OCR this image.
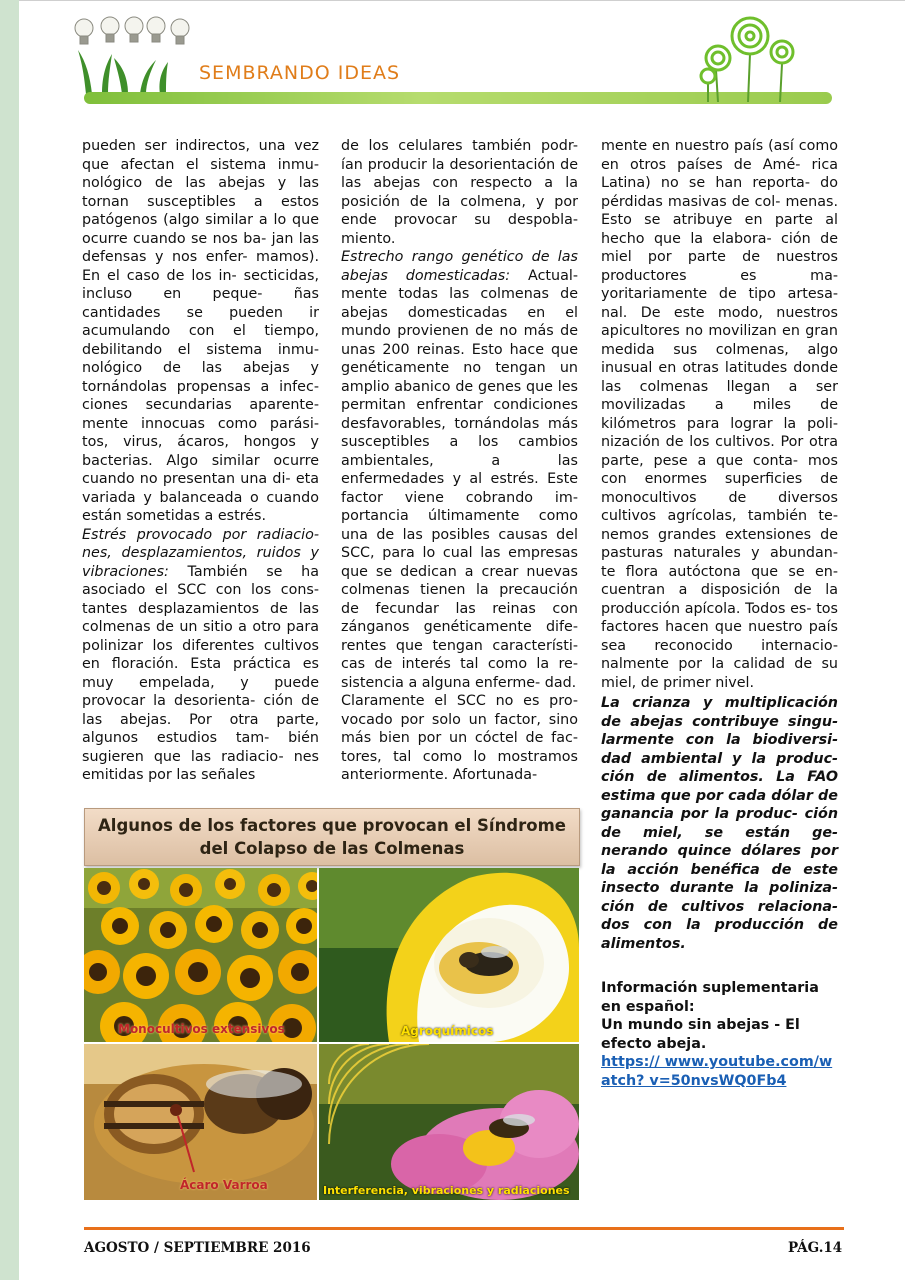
SEMBRANDO IDEAS

pueden ser indirectos, una vez que afectan el sistema inmu- nológico de las abejas y las tornan susceptibles a estos patógenos (algo similar a lo que ocurre cuando se nos ba- jan las defensas y nos enfer- mamos). En el caso de los in- secticidas, incluso en peque- ñas cantidades se pueden ir acumulando con el tiempo, debilitando el sistema inmu- nológico de las abejas y tornándolas propensas a infec- ciones secundarias aparente- mente innocuas como parási- tos, virus, ácaros, hongos y bacterias. Algo similar ocurre cuando no presentan una di- eta variada y balanceada o cuando están sometidas a estrés.

Estrés provocado por radiacio- nes, desplazamientos, ruidos y vibraciones: También se ha asociado el SCC con los cons- tantes desplazamientos de las colmenas de un sitio a otro para polinizar los diferentes cultivos en floración. Esta práctica es muy empelada, y puede provocar la desorienta- ción de las abejas. Por otra parte, algunos estudios tam- bién sugieren que las radiacio- nes emitidas por las señales

de los celulares también podr- ían producir la desorientación de las abejas con respecto a la posición de la colmena, y por ende provocar su despobla- miento.

Estrecho rango genético de las abejas domesticadas: Actual- mente todas las colmenas de abejas domesticadas en el mundo provienen de no más de unas 200 reinas. Esto hace que genéticamente no tengan un amplio abanico de genes que les permitan enfrentar condiciones desfavorables, tornándolas más susceptibles a los cambios ambientales, a las enfermedades y al estrés. Este factor viene cobrando im- portancia últimamente como una de las posibles causas del SCC, para lo cual las empresas que se dedican a crear nuevas colmenas tienen la precaución de fecundar las reinas con zánganos genéticamente dife- rentes que tengan característi- cas de interés tal como la re- sistencia a alguna enferme- dad.

Claramente el SCC no es pro- vocado por solo un factor, sino más bien por un cóctel de fac- tores, tal como lo mostramos anteriormente. Afortunada-

mente en nuestro país (así como en otros países de Amé- rica Latina) no se han reporta- do pérdidas masivas de col- menas. Esto se atribuye en parte al hecho que la elabora- ción de miel por parte de nuestros productores es ma- yoritariamente de tipo artesa- nal. De este modo, nuestros apicultores no movilizan en gran medida sus colmenas, algo inusual en otras latitudes donde las colmenas llegan a ser movilizadas a miles de kilómetros para lograr la poli- nización de los cultivos. Por otra parte, pese a que conta- mos con enormes superficies de monocultivos de diversos cultivos agrícolas, también te- nemos grandes extensiones de pasturas naturales y abundan- te flora autóctona que se en- cuentran a disposición de la producción apícola. Todos es- tos factores hacen que nuestro país sea reconocido internacio- nalmente por la calidad de su miel, de primer nivel.

La crianza y multiplicación de abejas contribuye singu- larmente con la biodiversi- dad ambiental y la produc- ción de alimentos. La FAO estima que por cada dólar de ganancia por la produc- ción de miel, se están ge- nerando quince dólares por la acción benéfica de este insecto durante la poliniza- ción de cultivos relaciona- dos con la producción de alimentos.

Información suplementaria en español:
Un mundo sin abejas - El efecto abeja.
https:// www.youtube.com/watch? v=50nvsWQ0Fb4

Algunos de los factores que provocan el Síndrome del Colapso de las Colmenas
Monocultivos extensivos	Agroquímicos
Ácaro Varroa	Interferencia, vibraciones y radiaciones
AGOSTO / SEPTIEMBRE 2016	PÁG.14
